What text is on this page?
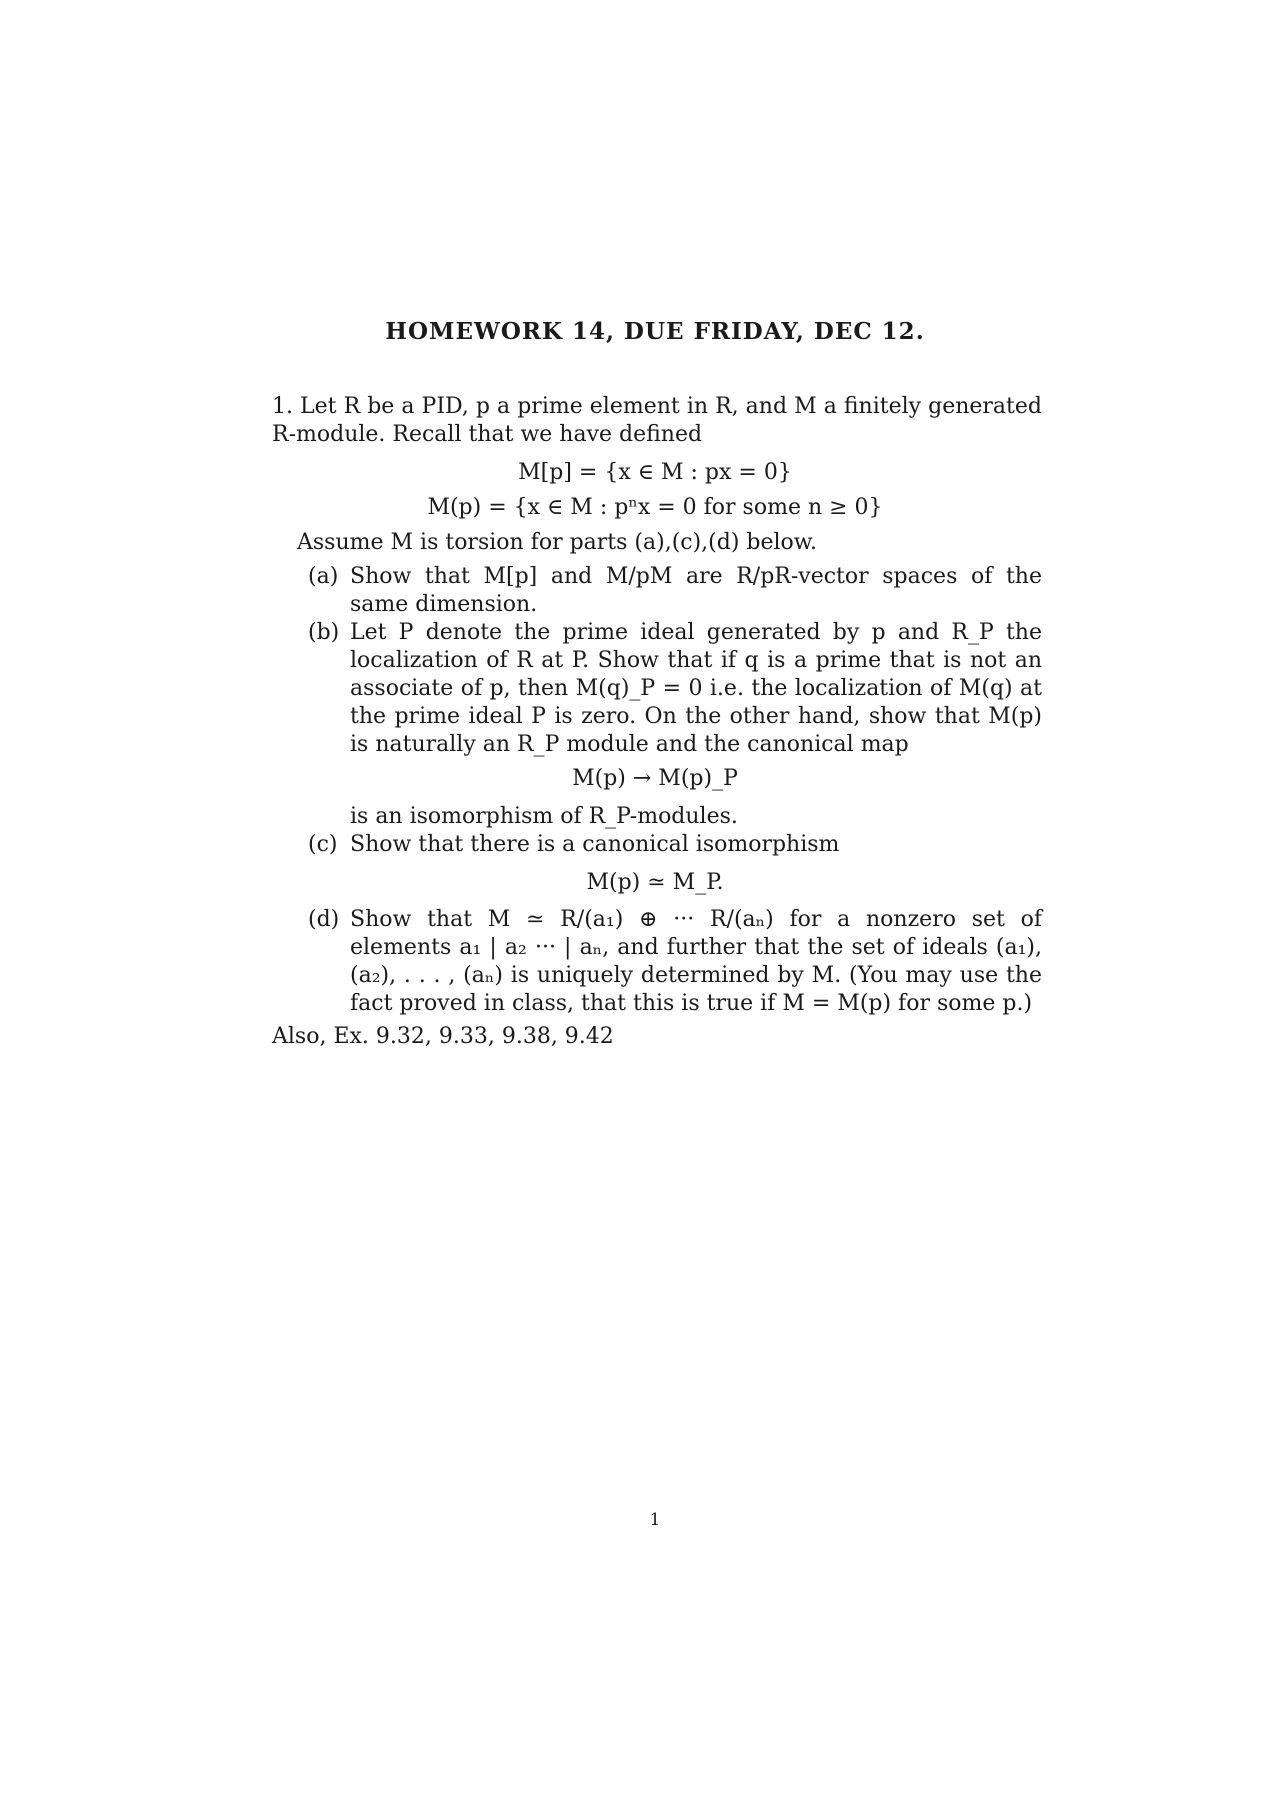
HOMEWORK 14, DUE FRIDAY, DEC 12.
1. Let R be a PID, p a prime element in R, and M a finitely generated R-module. Recall that we have defined
M[p] = {x ∈ M : px = 0}
M(p) = {x ∈ M : pⁿx = 0 for some n ≥ 0}
Assume M is torsion for parts (a),(c),(d) below.
(a) Show that M[p] and M/pM are R/pR-vector spaces of the same dimension.
(b) Let P denote the prime ideal generated by p and R_P the localization of R at P. Show that if q is a prime that is not an associate of p, then M(q)_P = 0 i.e. the localization of M(q) at the prime ideal P is zero. On the other hand, show that M(p) is naturally an R_P module and the canonical map
M(p) → M(p)_P
is an isomorphism of R_P-modules.
(c) Show that there is a canonical isomorphism
M(p) ≃ M_P.
(d) Show that M ≃ R/(a₁) ⊕ ··· R/(aₙ) for a nonzero set of elements a₁ | a₂ ··· | aₙ, and further that the set of ideals (a₁), (a₂), . . . , (aₙ) is uniquely determined by M. (You may use the fact proved in class, that this is true if M = M(p) for some p.)
Also, Ex. 9.32, 9.33, 9.38, 9.42
1
